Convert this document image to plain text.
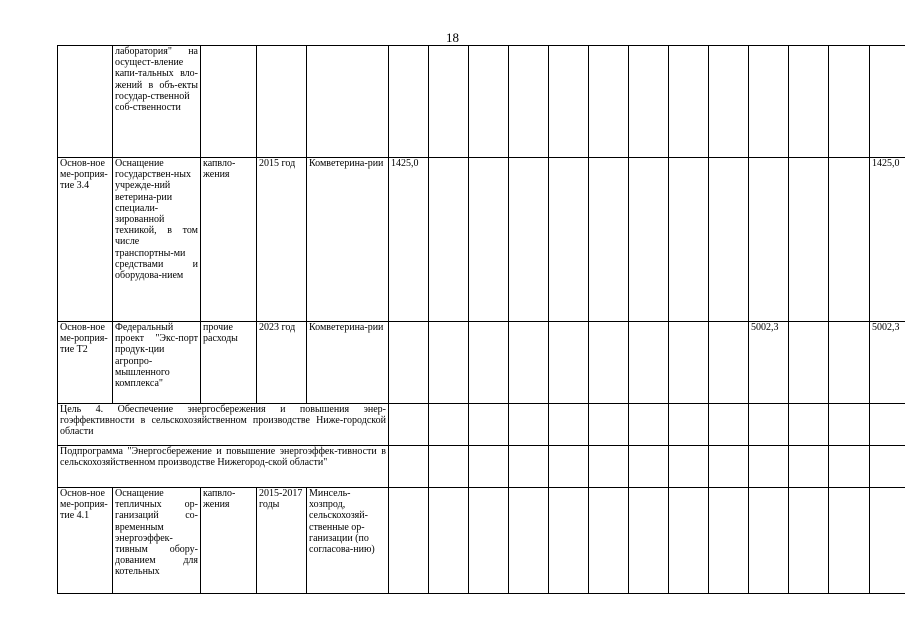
18
	лаборатория" на осущест-вление капи-тальных вло-жений в объ-екты государ-ственной соб-ственности																
Основ-ное ме-роприя-тие 3.4	Оснащение государствен-ных учрежде-ний ветерина-рии специали-зированной техникой, в том числе транспортны-ми средствами и оборудова-нием	капвло-жения	2015 год	Комветерина-рии	1425,0												1425,0
Основ-ное ме-роприя-тие Т2	Федеральный проект "Экс-порт продук-ции агропро-мышленного комплекса"	прочие расходы	2023 год	Комветерина-рии										5002,3			5002,3
Цель 4. Обеспечение энергосбережения и повышения энер-гоэффективности в сельскохозяйственном производстве Ниже-городской области																	
Подпрограмма "Энергосбережение и повышение энергоэффек-тивности в сельскохозяйственном производстве Нижегород-ской области"																	
Основ-ное ме-роприя-тие 4.1	Оснащение тепличных ор-ганизаций со-временным энергоэффек-тивным обору-дованием для котельных	капвло-жения	2015-2017 годы	Минсель-хозпрод, сельскохозяй-ственные ор-ганизации (по согласова-нию)													
